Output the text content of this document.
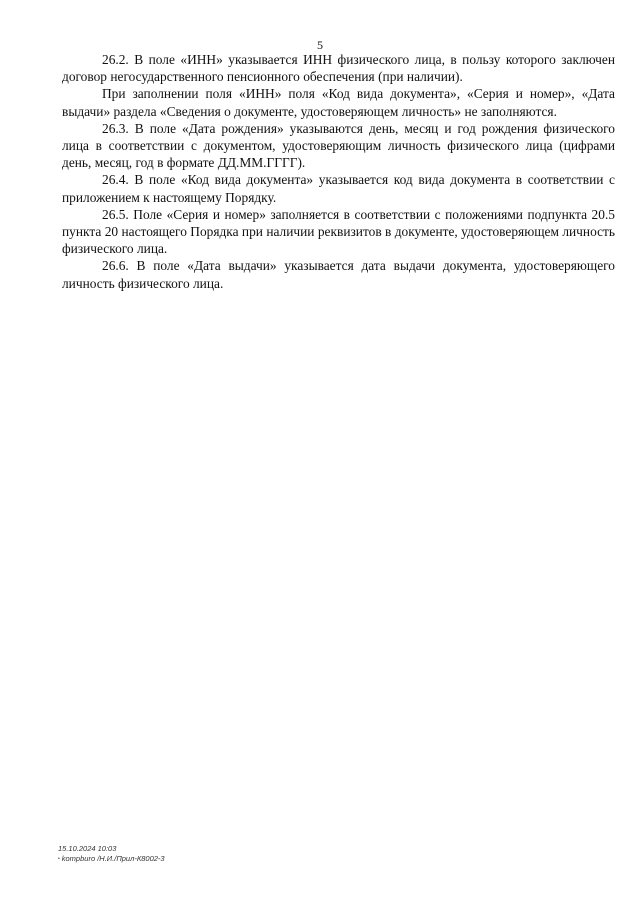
5

26.2. В поле «ИНН» указывается ИНН физического лица, в пользу которого заключен договор негосударственного пенсионного обеспечения (при наличии).

При заполнении поля «ИНН» поля «Код вида документа», «Серия и номер», «Дата выдачи» раздела «Сведения о документе, удостоверяющем личность» не заполняются.

26.3. В поле «Дата рождения» указываются день, месяц и год рождения физического лица в соответствии с документом, удостоверяющим личность физического лица (цифрами день, месяц, год в формате ДД.ММ.ГГГГ).

26.4. В поле «Код вида документа» указывается код вида документа в соответствии с приложением к настоящему Порядку.

26.5. Поле «Серия и номер» заполняется в соответствии с положениями подпункта 20.5 пункта 20 настоящего Порядка при наличии реквизитов в документе, удостоверяющем личность физического лица.

26.6. В поле «Дата выдачи» указывается дата выдачи документа, удостоверяющего личность физического лица.

15.10.2024 10:03
• kompburo /Н.И./Прил-К8002-3
